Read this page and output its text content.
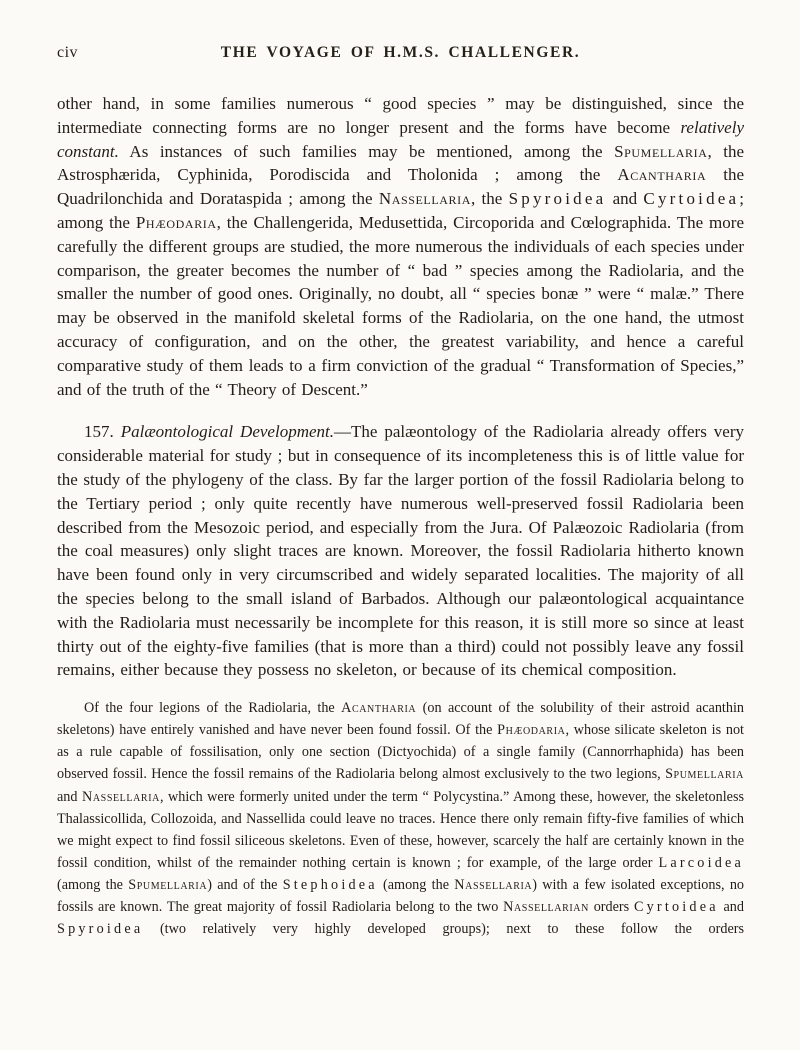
civ	THE VOYAGE OF H.M.S. CHALLENGER.

other hand, in some families numerous “ good species ” may be distinguished, since the intermediate connecting forms are no longer present and the forms have become relatively constant. As instances of such families may be mentioned, among the Spumellaria, the Astrosphærida, Cyphinida, Porodiscida and Tholonida ; among the Acantharia the Quadrilonchida and Dorataspida ; among the Nassellaria, the Spyroidea and Cyrtoidea; among the Phæodaria, the Challengerida, Medusettida, Circoporida and Cœlographida. The more carefully the different groups are studied, the more numerous the individuals of each species under comparison, the greater becomes the number of “ bad ” species among the Radiolaria, and the smaller the number of good ones. Originally, no doubt, all “ species bonæ ” were “ malæ.” There may be observed in the manifold skeletal forms of the Radiolaria, on the one hand, the utmost accuracy of configuration, and on the other, the greatest variability, and hence a careful comparative study of them leads to a firm conviction of the gradual “ Transformation of Species,” and of the truth of the “ Theory of Descent.”

157. Palæontological Development.—The palæontology of the Radiolaria already offers very considerable material for study ; but in consequence of its incompleteness this is of little value for the study of the phylogeny of the class. By far the larger portion of the fossil Radiolaria belong to the Tertiary period ; only quite recently have numerous well-preserved fossil Radiolaria been described from the Mesozoic period, and especially from the Jura. Of Palæozoic Radiolaria (from the coal measures) only slight traces are known. Moreover, the fossil Radiolaria hitherto known have been found only in very circumscribed and widely separated localities. The majority of all the species belong to the small island of Barbados. Although our palæontological acquaintance with the Radiolaria must necessarily be incomplete for this reason, it is still more so since at least thirty out of the eighty-five families (that is more than a third) could not possibly leave any fossil remains, either because they possess no skeleton, or because of its chemical composition.

Of the four legions of the Radiolaria, the Acantharia (on account of the solubility of their astroid acanthin skeletons) have entirely vanished and have never been found fossil. Of the Phæodaria, whose silicate skeleton is not as a rule capable of fossilisation, only one section (Dictyochida) of a single family (Cannorrhaphida) has been observed fossil. Hence the fossil remains of the Radiolaria belong almost exclusively to the two legions, Spumellaria and Nassellaria, which were formerly united under the term “ Polycystina.” Among these, however, the skeletonless Thalassicollida, Collozoida, and Nassellida could leave no traces. Hence there only remain fifty-five families of which we might expect to find fossil siliceous skeletons. Even of these, however, scarcely the half are certainly known in the fossil condition, whilst of the remainder nothing certain is known ; for example, of the large order Larcoidea (among the Spumellaria) and of the Stephoidea (among the Nassellaria) with a few isolated exceptions, no fossils are known. The great majority of fossil Radiolaria belong to the two Nassellarian orders Cyrtoidea and Spyroidea (two relatively very highly developed groups); next to these follow the orders
